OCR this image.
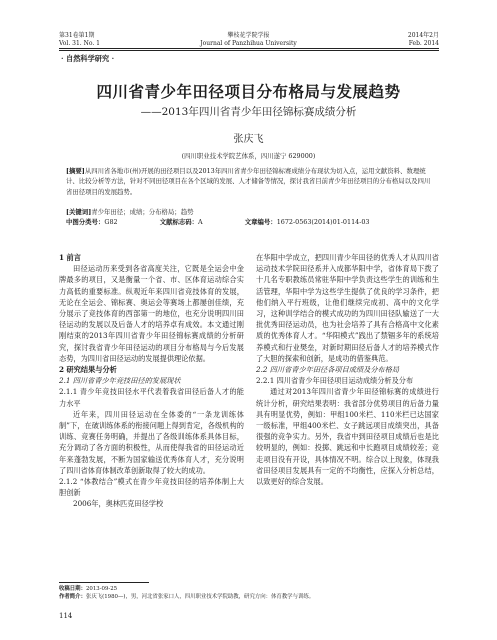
第31卷第1期
Vol. 31. No. 1
攀枝花学院学报
Journal of Panzhihua University
2014年2月
Feb. 2014
· 自然科学研究 ·
四川省青少年田径项目分布格局与发展趋势
——2013年四川省青少年田径锦标赛成绩分析
张庆飞
(四川职业技术学院艺体系，四川遂宁 629000)
[摘要]从四川省各地市(州)开展的田径项目以及2013年四川省青少年田径锦标赛成绩分布现状为切入点，运用文献资料、数理统计、比较分析等方法，针对不同田径项目在各个区域的发展、人才储备等情况，探讨我省目前青少年田径项目的分布格局以及四川省田径项目的发展趋势。
[关键词]青少年田径；成绩；分布格局；趋势
中图分类号：G82	文献标志码：A	文章编号：1672-0563(2014)01-0114-03

1 前言

田径运动历来受到各省高度关注，它既是全运会中金牌最多的项目，又是衡量一个省、市、区体育运动综合实力高低的重要标准。纵观近年来四川省竞技体育的发展，无论在全运会、锦标赛、奥运会等赛场上都屡创佳绩，充分展示了竞技体育的西部第一的地位，也充分说明四川田径运动的发展以及后备人才的培养卓有成效。本文通过刚刚结束的2013年四川省青少年田径锦标赛成绩的分析研究，探讨我省青少年田径运动的项目分布格局与今后发展态势，为四川省田径运动的发展提供理论依据。

2 研究结果与分析

2.1 四川省青少年竞技田径的发展现状

2.1.1 青少年竞技田径水平代表着我省田径后备人才的能力水平

近年来，四川田径运动在全体委的“一条龙训练体制”下，在破训练体系的衔接问题上得到肯定，各级机构的训练、竞赛任务明确，并提出了各级训练体系具体目标，充分调动了各方面的积极性，从而使得我省的田径运动近年来蓬勃发展，不断为国家输送优秀体育人才，充分说明了四川省体育体制改革创新取得了较大的成功。

2.1.2 “体教结合”模式在青少年竞技田径的培养体制上大胆创新

2006年，奥林匹克田径学校

在华阳中学成立，把四川青少年田径的优秀人才从四川省运动技术学院田径系并入成都华阳中学，省体育局下拨了十几名专职教练员常驻华阳中学负责这些学生的训练和生活管理，华阳中学为这些学生提供了优良的学习条件，把他们纳入平行班级，让他们继续完成初、高中的文化学习，这种训学结合的模式成功的为四川田径队输送了一大批优秀田径运动员，也为社会培养了具有合格高中文化素质的优秀体育人才。“华阳模式”践出了禁锢多年的系统培养模式和行业樊垒，对新时期田径后备人才的培养模式作了大胆的探索和创新，是成功的借鉴典范。

2.2 四川省青少年田径各项目成绩及分布格局

2.2.1 四川省青少年田径项目运动成绩分析及分布

通过对2013年四川省青少年田径锦标赛的成绩进行统计分析，研究结果表明：我省部分优势项目的后备力量具有明显优势，例如：甲组100米栏、110米栏已达国家一级标准，甲组400米栏、女子跳远项目成绩突出，具备很强的竞争实力。另外，我省中到田径项目成绩后也是比较明显的，例如：投掷、跳远和中长跑项目成绩较差；竞走项目没有开设，具体情况不明。综合以上现象，体现我省田径项目发展具有一定的不均衡性，应探入分析总结，以致更好的综合发展。

收稿日期：2013-09-25
作者简介：张庆飞(1980—)，男，河北省张家口人，四川职业技术学院助教，研究方向：体育教学与训练。
114
